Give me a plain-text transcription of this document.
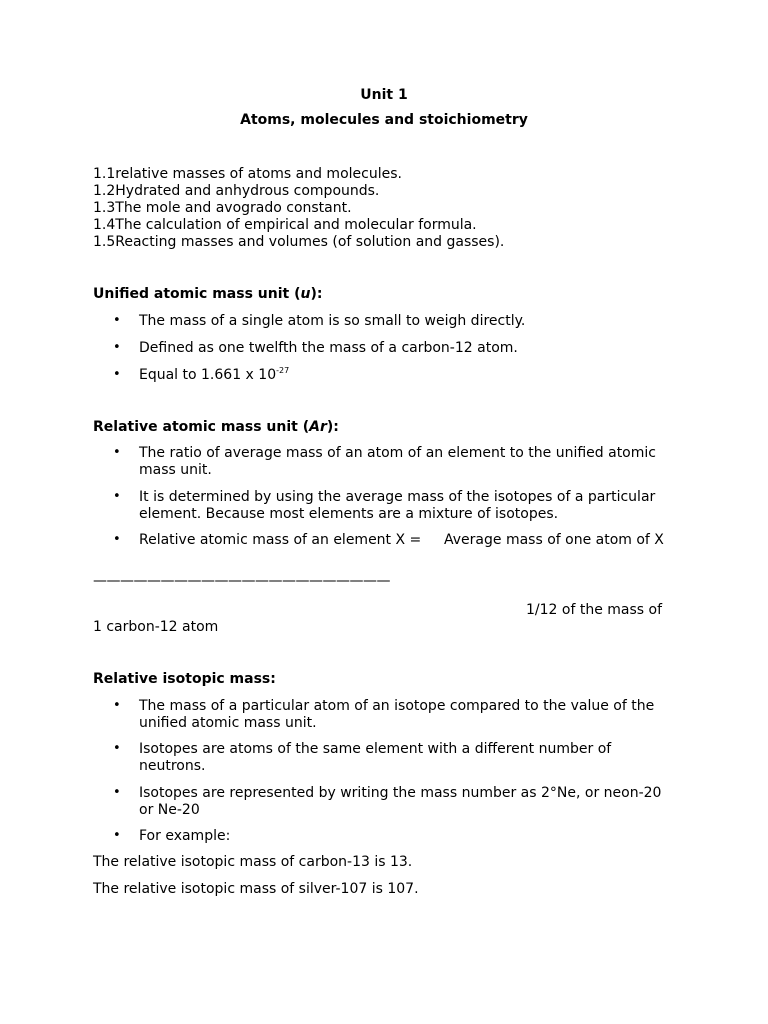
Unit 1
Atoms, molecules and stoichiometry
1.1relative masses of atoms and molecules.
1.2Hydrated and anhydrous compounds.
1.3The mole and avogrado constant.
1.4The calculation of empirical and molecular formula.
1.5Reacting masses and volumes (of solution and gasses).
Unified atomic mass unit (u):
• The mass of a single atom is so small to weigh directly.
• Defined as one twelfth the mass of a carbon-12 atom.
• Equal to 1.661 x $10^{-27}$
Relative atomic mass unit (Ar):
• The ratio of average mass of an atom of an element to the unified atomic mass unit.
• It is determined by using the average mass of the isotopes of a particular element. Because most elements are a mixture of isotopes.
• Relative atomic mass of an element X = Average mass of one atom of X
——————————————————————
1/12 of the mass of
1 carbon-12 atom
Relative isotopic mass:
• The mass of a particular atom of an isotope compared to the value of the unified atomic mass unit.
• Isotopes are atoms of the same element with a different number of neutrons.
• Isotopes are represented by writing the mass number as 2°Ne, or neon-20 or Ne-20
• For example:
The relative isotopic mass of carbon-13 is 13.
The relative isotopic mass of silver-107 is 107.
